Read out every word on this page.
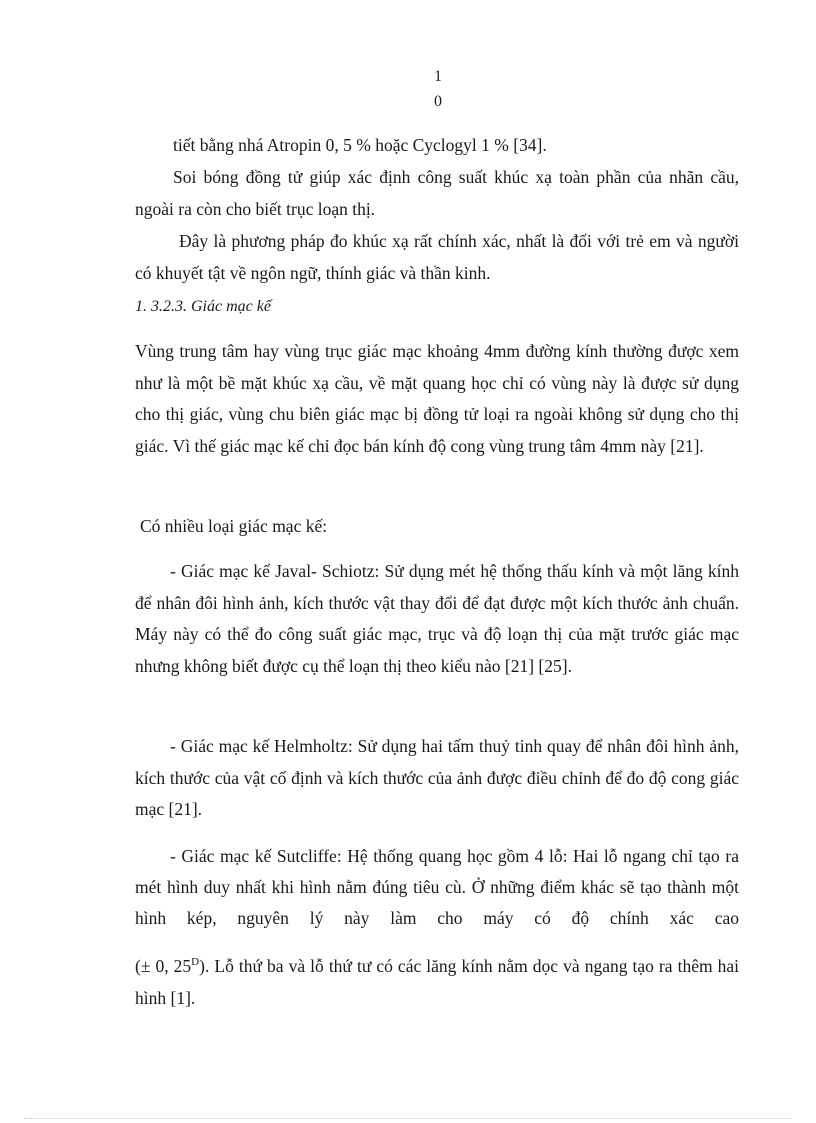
1
0

tiết bằng nhá Atropin 0, 5 % hoặc Cyclogyl 1 % [34].

Soi bóng đồng tử giúp xác định công suất khúc xạ toàn phần của nhãn cầu, ngoài ra còn cho biết trục loạn thị.

Đây là phương pháp đo khúc xạ rất chính xác, nhất là đối với trẻ em và người có khuyết tật về ngôn ngữ, thính giác và thần kinh.

1. 3.2.3. Giác mạc kế

Vùng trung tâm hay vùng trục giác mạc khoảng 4mm đường kính thường được xem như là một bề mặt khúc xạ cầu, về mặt quang học chỉ có vùng này là được sử dụng cho thị giác, vùng chu biên giác mạc bị đồng tử loại ra ngoài không sử dụng cho thị giác. Vì thế giác mạc kế chỉ đọc bán kính độ cong vùng trung tâm 4mm này [21].

Có nhiều loại giác mạc kế:

- Giác mạc kế Javal- Schiotz: Sử dụng mét hệ thống thấu kính và một lăng kính để nhân đôi hình ảnh, kích thước vật thay đổi để đạt được một kích thước ảnh chuẩn. Máy này có thể đo công suất giác mạc, trục và độ loạn thị của mặt trước giác mạc nhưng không biết được cụ thể loạn thị theo kiểu nào [21] [25].

- Giác mạc kế Helmholtz: Sử dụng hai tấm thuỷ tinh quay để nhân đôi hình ảnh, kích thước của vật cố định và kích thước của ảnh được điều chỉnh để đo độ cong giác mạc [21].

- Giác mạc kế Sutcliffe: Hệ thống quang học gồm 4 lỗ: Hai lỗ ngang chỉ tạo ra mét hình duy nhất khi hình nằm đúng tiêu cù. Ở những điểm khác sẽ tạo thành một hình kép, nguyên lý này làm cho máy có độ chính xác cao

(± 0, $25^D$). Lỗ thứ ba và lỗ thứ tư có các lăng kính nằm dọc và ngang tạo ra thêm hai hình [1].
